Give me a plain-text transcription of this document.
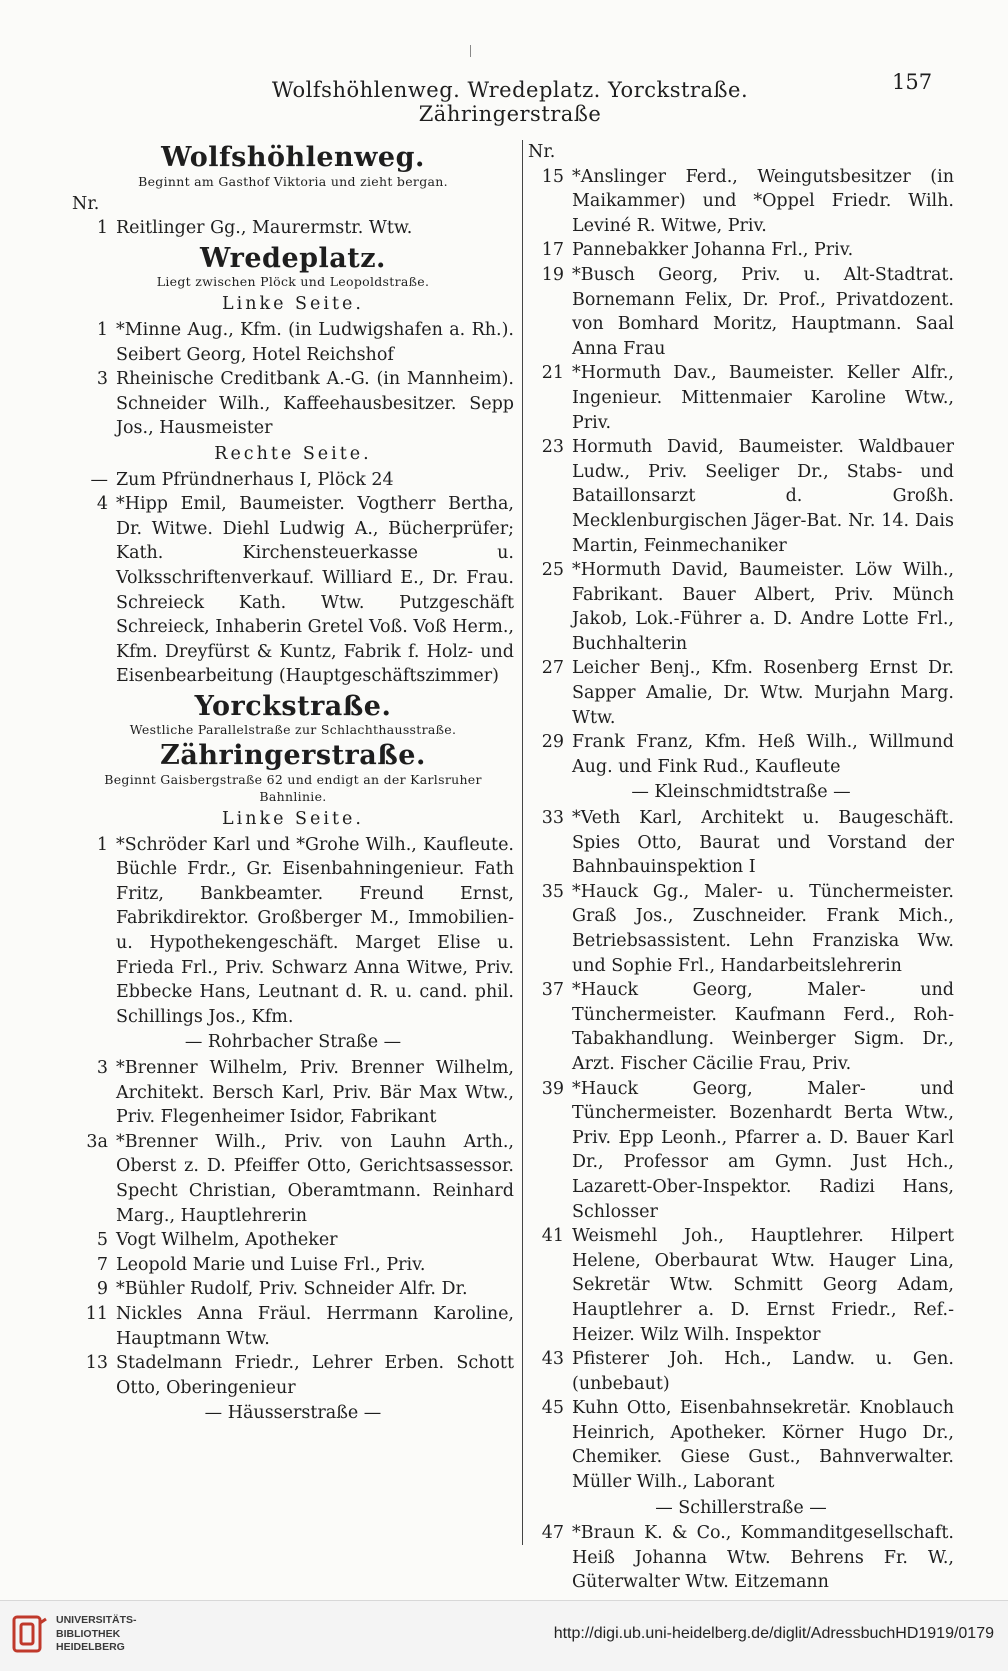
Wolfshöhlenweg. Wredeplatz. Yorckstraße. Zähringerstraße
157
Wolfshöhlenweg.
Beginnt am Gasthof Viktoria und zieht bergan.
Nr.
1 Reitlinger Gg., Maurermstr. Wtw.
Wredeplatz.
Liegt zwischen Plöck und Leopoldstraße.
Linke Seite.
1 *Minne Aug., Kfm. (in Ludwigshafen a. Rh.). Seibert Georg, Hotel Reichshof
3 Rheinische Creditbank A.-G. (in Mannheim). Schneider Wilh., Kaffeehausbesitzer. Sepp Jos., Hausmeister
Rechte Seite.
— Zum Pfründnerhaus I, Plöck 24
4 *Hipp Emil, Baumeister. Vogtherr Bertha, Dr. Witwe. Diehl Ludwig A., Bücherprüfer; Kath. Kirchensteuerkasse u. Volksschriftenverkauf. Williard E., Dr. Frau. Schreieck Kath. Wtw. Putzgeschäft Schreieck, Inhaberin Gretel Voß. Voß Herm., Kfm. Dreyfürst & Kuntz, Fabrik f. Holz- und Eisenbearbeitung (Hauptgeschäftszimmer)
Yorckstraße.
Westliche Parallelstraße zur Schlachthausstraße.
Zähringerstraße.
Beginnt Gaisbergstraße 62 und endigt an der Karlsruher Bahnlinie.
Linke Seite.
1 *Schröder Karl und *Grohe Wilh., Kaufleute. Büchle Frdr., Gr. Eisenbahningenieur. Fath Fritz, Bankbeamter. Freund Ernst, Fabrikdirektor. Großberger M., Immobilien- u. Hypothekengeschäft. Marget Elise u. Frieda Frl., Priv. Schwarz Anna Witwe, Priv. Ebbecke Hans, Leutnant d. R. u. cand. phil. Schillings Jos., Kfm.
— Rohrbacher Straße —
3 *Brenner Wilhelm, Priv. Brenner Wilhelm, Architekt. Bersch Karl, Priv. Bär Max Wtw., Priv. Flegenheimer Isidor, Fabrikant
3a *Brenner Wilh., Priv. von Lauhn Arth., Oberst z. D. Pfeiffer Otto, Gerichtsassessor. Specht Christian, Oberamtmann. Reinhard Marg., Hauptlehrerin
5 Vogt Wilhelm, Apotheker
7 Leopold Marie und Luise Frl., Priv.
9 *Bühler Rudolf, Priv. Schneider Alfr. Dr.
11 Nickles Anna Fräul. Herrmann Karoline, Hauptmann Wtw.
13 Stadelmann Friedr., Lehrer Erben. Schott Otto, Oberingenieur
— Häusserstraße —
Nr.
15 *Anslinger Ferd., Weingutsbesitzer (in Maikammer) und *Oppel Friedr. Wilh. Leviné R. Witwe, Priv.
17 Pannebakker Johanna Frl., Priv.
19 *Busch Georg, Priv. u. Alt-Stadtrat. Bornemann Felix, Dr. Prof., Privatdozent. von Bomhard Moritz, Hauptmann. Saal Anna Frau
21 *Hormuth Dav., Baumeister. Keller Alfr., Ingenieur. Mittenmaier Karoline Wtw., Priv.
23 Hormuth David, Baumeister. Waldbauer Ludw., Priv. Seeliger Dr., Stabs- und Bataillonsarzt d. Großh. Mecklenburgischen Jäger-Bat. Nr. 14. Dais Martin, Feinmechaniker
25 *Hormuth David, Baumeister. Löw Wilh., Fabrikant. Bauer Albert, Priv. Münch Jakob, Lok.-Führer a. D. Andre Lotte Frl., Buchhalterin
27 Leicher Benj., Kfm. Rosenberg Ernst Dr. Sapper Amalie, Dr. Wtw. Murjahn Marg. Wtw.
29 Frank Franz, Kfm. Heß Wilh., Willmund Aug. und Fink Rud., Kaufleute
— Kleinschmidtstraße —
33 *Veth Karl, Architekt u. Baugeschäft. Spies Otto, Baurat und Vorstand der Bahnbauinspektion I
35 *Hauck Gg., Maler- u. Tünchermeister. Graß Jos., Zuschneider. Frank Mich., Betriebsassistent. Lehn Franziska Ww. und Sophie Frl., Handarbeitslehrerin
37 *Hauck Georg, Maler- und Tünchermeister. Kaufmann Ferd., Roh-Tabakhandlung. Weinberger Sigm. Dr., Arzt. Fischer Cäcilie Frau, Priv.
39 *Hauck Georg, Maler- und Tünchermeister. Bozenhardt Berta Wtw., Priv. Epp Leonh., Pfarrer a. D. Bauer Karl Dr., Professor am Gymn. Just Hch., Lazarett-Ober-Inspektor. Radizi Hans, Schlosser
41 Weismehl Joh., Hauptlehrer. Hilpert Helene, Oberbaurat Wtw. Hauger Lina, Sekretär Wtw. Schmitt Georg Adam, Hauptlehrer a. D. Ernst Friedr., Ref.-Heizer. Wilz Wilh. Inspektor
43 Pfisterer Joh. Hch., Landw. u. Gen. (unbebaut)
45 Kuhn Otto, Eisenbahnsekretär. Knoblauch Heinrich, Apotheker. Körner Hugo Dr., Chemiker. Giese Gust., Bahnverwalter. Müller Wilh., Laborant
— Schillerstraße —
47 *Braun K. & Co., Kommanditgesellschaft. Heiß Johanna Wtw. Behrens Fr. W., Güterwalter Wtw. Eitzemann
UNIVERSITÄTS-
BIBLIOTHEK
HEIDELBERG
http://digi.ub.uni-heidelberg.de/diglit/AdressbuchHD1919/0179
